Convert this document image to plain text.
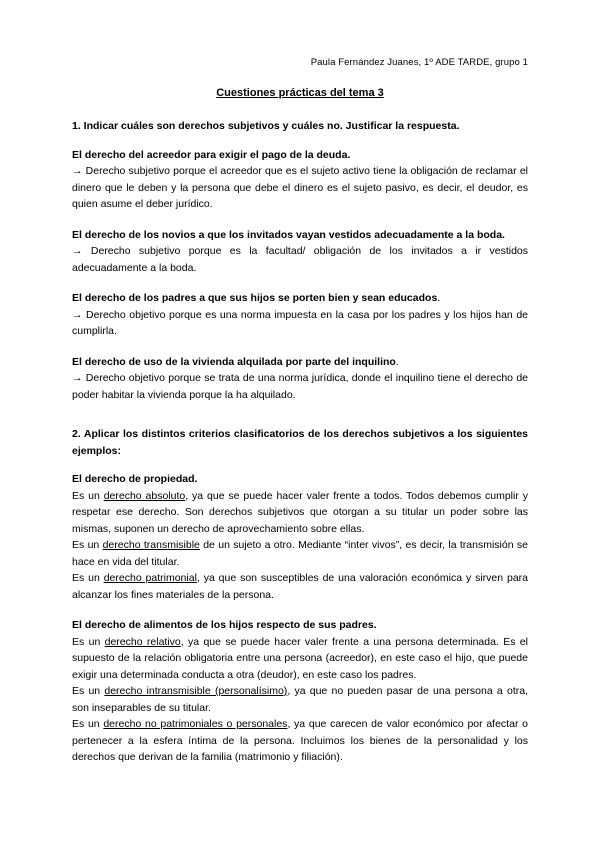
Paula Fernández Juanes, 1º ADE TARDE, grupo 1
Cuestiones prácticas del tema 3

1. Indicar cuáles son derechos subjetivos y cuáles no. Justificar la respuesta.

El derecho del acreedor para exigir el pago de la deuda.

→ Derecho subjetivo porque el acreedor que es el sujeto activo tiene la obligación de reclamar el dinero que le deben y la persona que debe el dinero es el sujeto pasivo, es decir, el deudor, es quien asume el deber jurídico.

El derecho de los novios a que los invitados vayan vestidos adecuadamente a la boda.

→ Derecho subjetivo porque es la facultad/ obligación de los invitados a ir vestidos adecuadamente a la boda.

El derecho de los padres a que sus hijos se porten bien y sean educados.

→ Derecho objetivo porque es una norma impuesta en la casa por los padres y los hijos han de cumplirla.

El derecho de uso de la vivienda alquilada por parte del inquilino.

→ Derecho objetivo porque se trata de una norma jurídica, donde el inquilino tiene el derecho de poder habitar la vivienda porque la ha alquilado.

2. Aplicar los distintos criterios clasificatorios de los derechos subjetivos a los siguientes ejemplos:

El derecho de propiedad.

Es un derecho absoluto, ya que se puede hacer valer frente a todos. Todos debemos cumplir y respetar ese derecho. Son derechos subjetivos que otorgan a su titular un poder sobre las mismas, suponen un derecho de aprovechamiento sobre ellas.

Es un derecho transmisible de un sujeto a otro. Mediante “inter vivos”, es decir, la transmisión se hace en vida del titular.

Es un derecho patrimonial, ya que son susceptibles de una valoración económica y sirven para alcanzar los fines materiales de la persona.

El derecho de alimentos de los hijos respecto de sus padres.

Es un derecho relativo, ya que se puede hacer valer frente a una persona determinada. Es el supuesto de la relación obligatoria entre una persona (acreedor), en este caso el hijo, que puede exigir una determinada conducta a otra (deudor), en este caso los padres.

Es un derecho intransmisible (personalísimo), ya que no pueden pasar de una persona a otra, son inseparables de su titular.

Es un derecho no patrimoniales o personales, ya que carecen de valor económico por afectar o pertenecer a la esfera íntima de la persona. Incluimos los bienes de la personalidad y los derechos que derivan de la familia (matrimonio y filiación).
